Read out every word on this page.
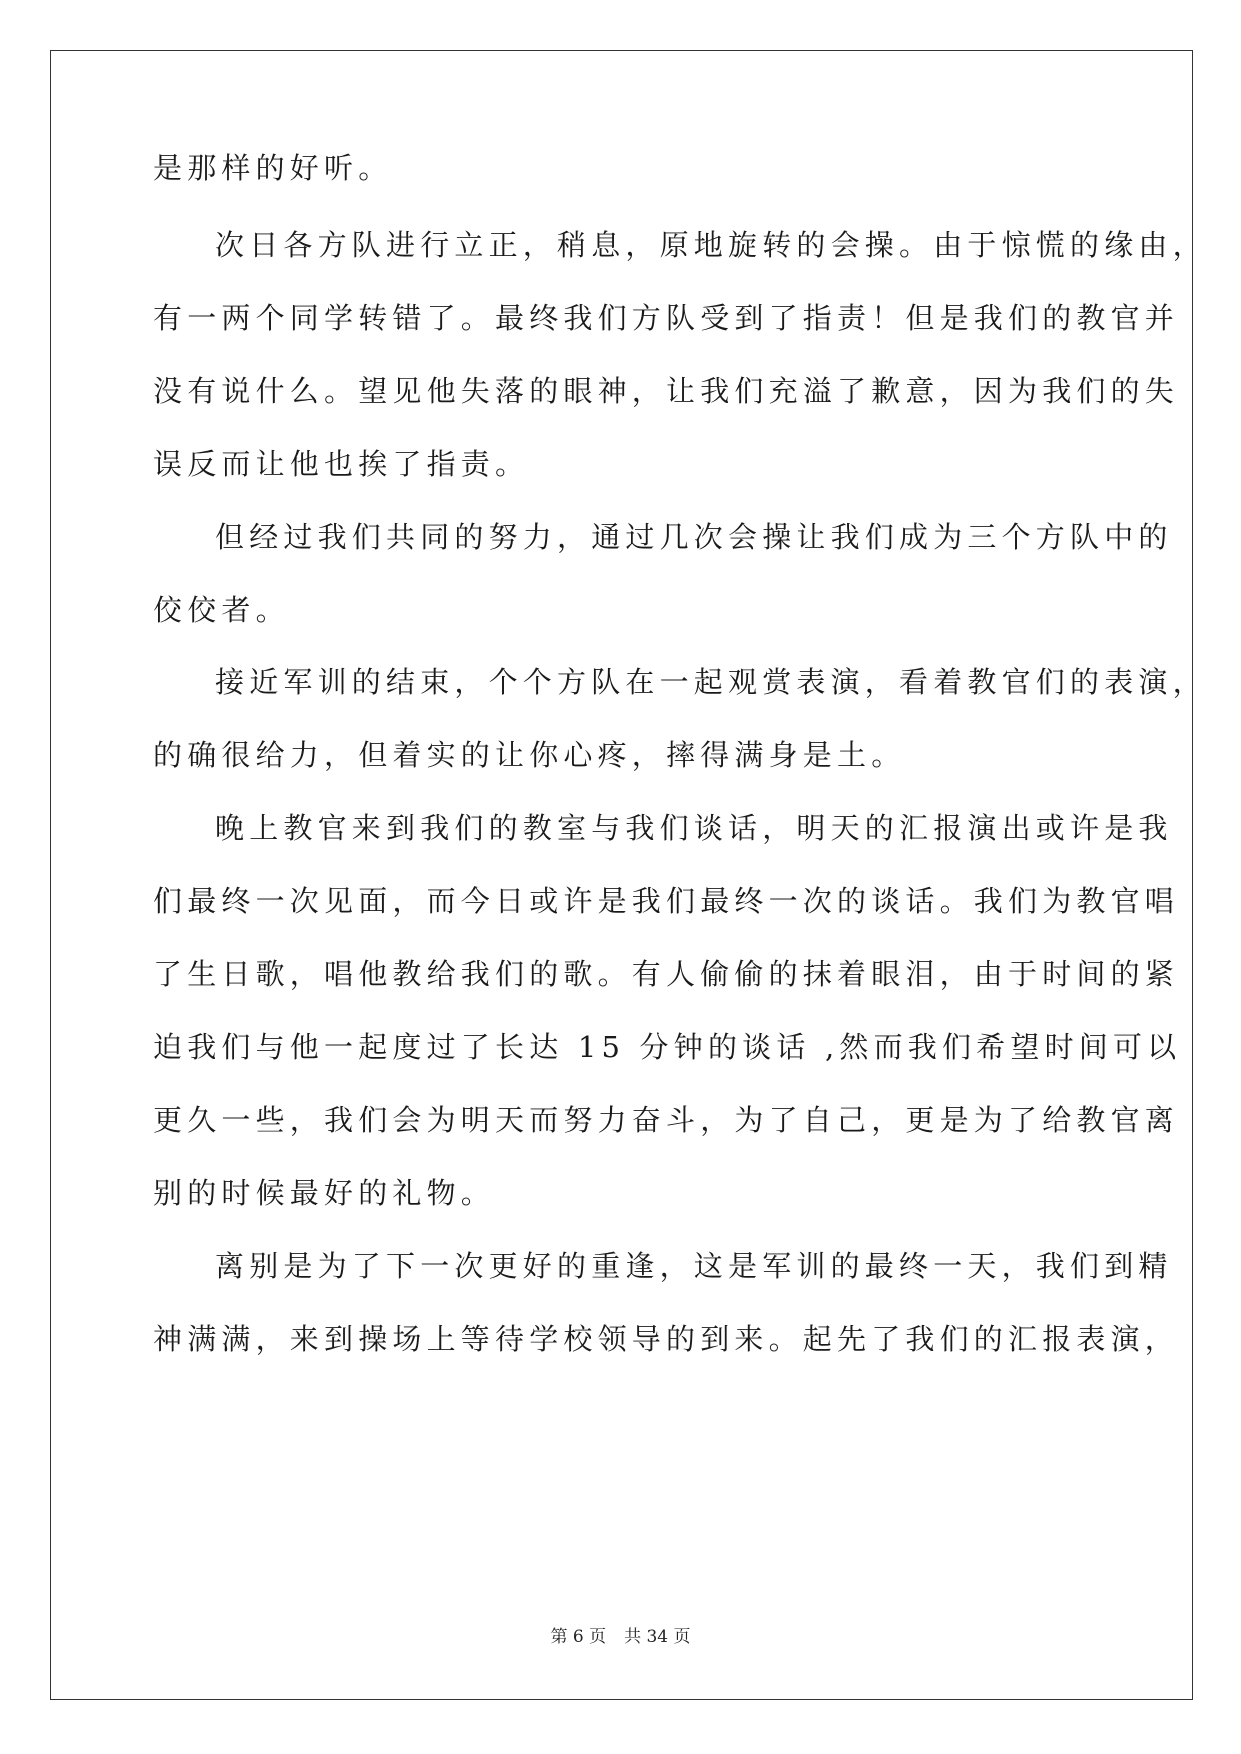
是那样的好听。
次日各方队进行立正，稍息，原地旋转的会操。由于惊慌的缘由，
有一两个同学转错了。最终我们方队受到了指责！但是我们的教官并
没有说什么。望见他失落的眼神，让我们充溢了歉意，因为我们的失
误反而让他也挨了指责。
但经过我们共同的努力，通过几次会操让我们成为三个方队中的
佼佼者。
接近军训的结束，个个方队在一起观赏表演，看着教官们的表演，
的确很给力，但着实的让你心疼，摔得满身是土。
晚上教官来到我们的教室与我们谈话，明天的汇报演出或许是我
们最终一次见面，而今日或许是我们最终一次的谈话。我们为教官唱
了生日歌，唱他教给我们的歌。有人偷偷的抹着眼泪，由于时间的紧
迫我们与他一起度过了长达 15 分钟的谈话 ,然而我们希望时间可以
更久一些，我们会为明天而努力奋斗，为了自己，更是为了给教官离
别的时候最好的礼物。
离别是为了下一次更好的重逢，这是军训的最终一天，我们到精
神满满，来到操场上等待学校领导的到来。起先了我们的汇报表演，
第 6 页 共 34 页
